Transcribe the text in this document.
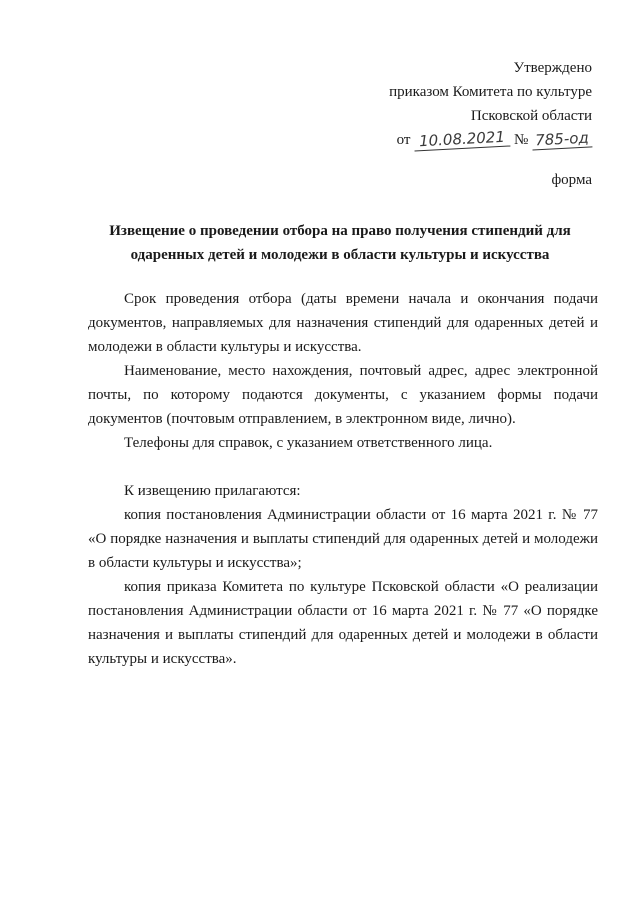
Утверждено
приказом Комитета по культуре
Псковской области
от 10.08.2021 № 785-од
форма
Извещение о проведении отбора на право получения стипендий для
одаренных детей и молодежи в области культуры и искусства

Срок проведения отбора (даты времени начала и окончания подачи документов, направляемых для назначения стипендий для одаренных детей и молодежи в области культуры и искусства.

Наименование, место нахождения, почтовый адрес, адрес электронной почты, по которому подаются документы, с указанием формы подачи документов (почтовым отправлением, в электронном виде, лично).

Телефоны для справок, с указанием ответственного лица.

К извещению прилагаются:

копия постановления Администрации области от 16 марта 2021 г. № 77 «О порядке назначения и выплаты стипендий для одаренных детей и молодежи в области культуры и искусства»;

копия приказа Комитета по культуре Псковской области «О реализации постановления Администрации области от 16 марта 2021 г. № 77 «О порядке назначения и выплаты стипендий для одаренных детей и молодежи в области культуры и искусства».
